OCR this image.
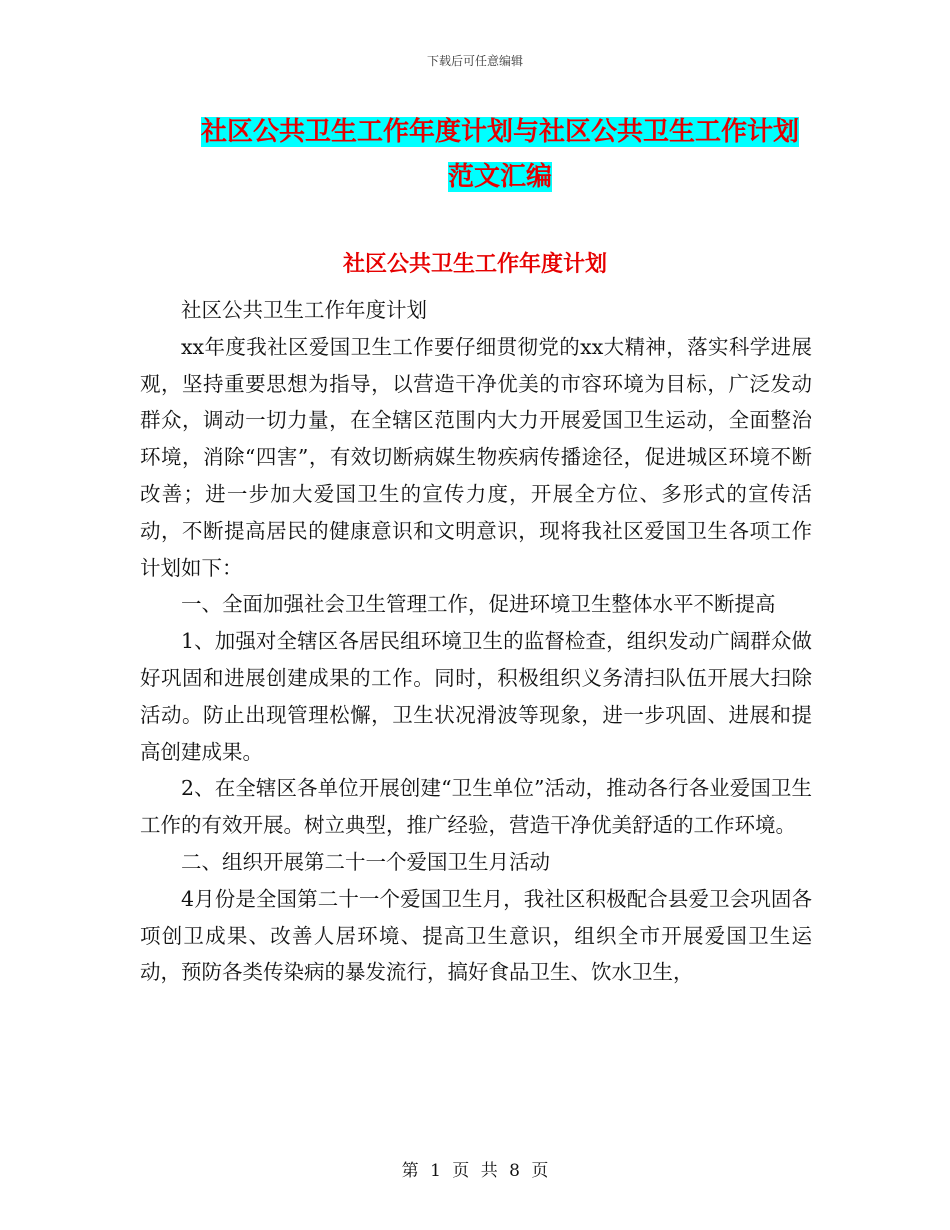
下载后可任意编辑
社区公共卫生工作年度计划与社区公共卫生工作计划范文汇编
社区公共卫生工作年度计划

社区公共卫生工作年度计划

xx年度我社区爱国卫生工作要仔细贯彻党的xx大精神，落实科学进展观，坚持重要思想为指导，以营造干净优美的市容环境为目标，广泛发动群众，调动一切力量，在全辖区范围内大力开展爱国卫生运动，全面整治环境，消除“四害”，有效切断病媒生物疾病传播途径，促进城区环境不断改善；进一步加大爱国卫生的宣传力度，开展全方位、多形式的宣传活动，不断提高居民的健康意识和文明意识，现将我社区爱国卫生各项工作计划如下：

一、全面加强社会卫生管理工作，促进环境卫生整体水平不断提高

1、加强对全辖区各居民组环境卫生的监督检查，组织发动广阔群众做好巩固和进展创建成果的工作。同时，积极组织义务清扫队伍开展大扫除活动。防止出现管理松懈，卫生状况滑波等现象，进一步巩固、进展和提高创建成果。

2、在全辖区各单位开展创建“卫生单位”活动，推动各行各业爱国卫生工作的有效开展。树立典型，推广经验，营造干净优美舒适的工作环境。

二、组织开展第二十一个爱国卫生月活动

4月份是全国第二十一个爱国卫生月，我社区积极配合县爱卫会巩固各项创卫成果、改善人居环境、提高卫生意识，组织全市开展爱国卫生运动，预防各类传染病的暴发流行，搞好食品卫生、饮水卫生，

第 1 页 共 8 页
